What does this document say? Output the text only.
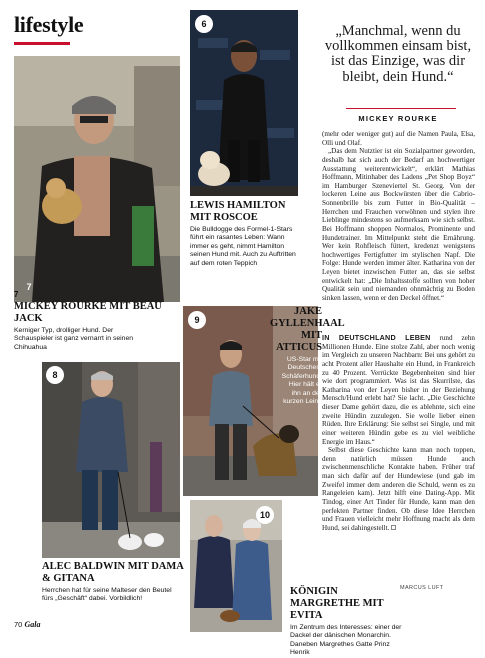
lifestyle
7
6
LEWIS HAMILTON MIT ROSCOE
Die Bulldogge des Formel-1-Stars führt ein rasantes Leben: Wann immer es geht, nimmt Hamilton seinen Hund mit. Auch zu Auftritten auf dem roten Teppich
7
MICKEY ROURKE MIT BEAU JACK
Kerniger Typ, drolliger Hund. Der Schauspieler ist ganz vernarrt in seinen Chihuahua
9
JAKE GYLLENHAAL MIT ATTICUS
US-Star mit Deutschem Schäferhund. Hier hält er ihn an der kurzen Leine
8
ALEC BALDWIN MIT DAMA & GITANA
Herrchen hat für seine Malteser den Beutel fürs „Geschäft“ dabei. Vorbildlich!
10
KÖNIGIN MARGRETHE MIT EVITA
Im Zentrum des Interesses: einer der Dackel der dänischen Monarchin. Daneben Margrethes Gatte Prinz Henrik
„Manchmal, wenn du vollkommen einsam bist, ist das Einzige, was dir bleibt, dein Hund.“
MICKEY ROURKE

(mehr oder weniger gut) auf die Namen Paula, Elsa, Olli und Olaf.

„Das dem Nutztier ist ein Sozialpartner geworden, deshalb hat sich auch der Bedarf an hochwertiger Ausstattung weiterentwickelt“, erklärt Mathias Hoffmann, Mitinhaber des Ladens „Pet Shop Boyz“ im Hamburger Szeneviertel St. Georg. Von der lockeren Leine aus Bockwürsten über die Cabrio-Sonnenbrille bis zum Futter in Bio-Qualität – Herrchen und Frauchen verwöhnen und stylen ihre Lieblinge mindestens so aufmerksam wie sich selbst. Bei Hoffmann shoppen Normalos, Prominente und Hundetrainer. Im Mittelpunkt steht die Ernährung. Wer kein Rohfleisch füttert, kredenzt wenigstens hochwertiges Fertigfutter im stylischen Napf. Die Folge: Hunde werden immer älter. Katharina von der Leyen bietet inzwischen Futter an, das sie selbst entwickelt hat: „Die Inhaltsstoffe sollten von hoher Qualität sein und niemanden ohnmächtig zu Boden sinken lassen, wenn er den Deckel öffnet.“

IN DEUTSCHLAND LEBEN rund zehn Millionen Hunde. Eine stolze Zahl, aber noch wenig im Vergleich zu unseren Nachbarn: Bei uns gehört zu acht Prozent aller Haushalte ein Hund, in Frankreich zu 40 Prozent. Verrückte Begebenheiten sind hier wie dort programmiert. Was ist das Skurrilste, das Katharina von der Leyen bisher in der Beziehung Mensch/Hund erlebt hat? Sie lacht. „Die Geschichte dieser Dame gehört dazu, die es ablehnte, sich eine zweite Hündin zuzulegen. Sie wolle lieber einen Rüden. Ihre Erklärung: Sie selbst sei Single, und mit einer weiteren Hündin gebe es zu viel weibliche Energie im Haus.“

Selbst diese Geschichte kann man noch toppen, denn natürlich müssen Hunde auch zwischenmenschliche Kontakte haben. Früher traf man sich dafür auf der Hundewiese (und gab im Zweifel immer dem anderen die Schuld, wenn es zu Rangeleien kam). Jetzt hilft eine Dating-App. Mit Tindog, einer Art Tinder für Hunde, kann man den perfekten Partner finden. Ob diese Idee Herrchen und Frauen vielleicht mehr Hoffnung macht als dem Hund, sei dahingestellt.

MARCUS LUFT
70 Gala
